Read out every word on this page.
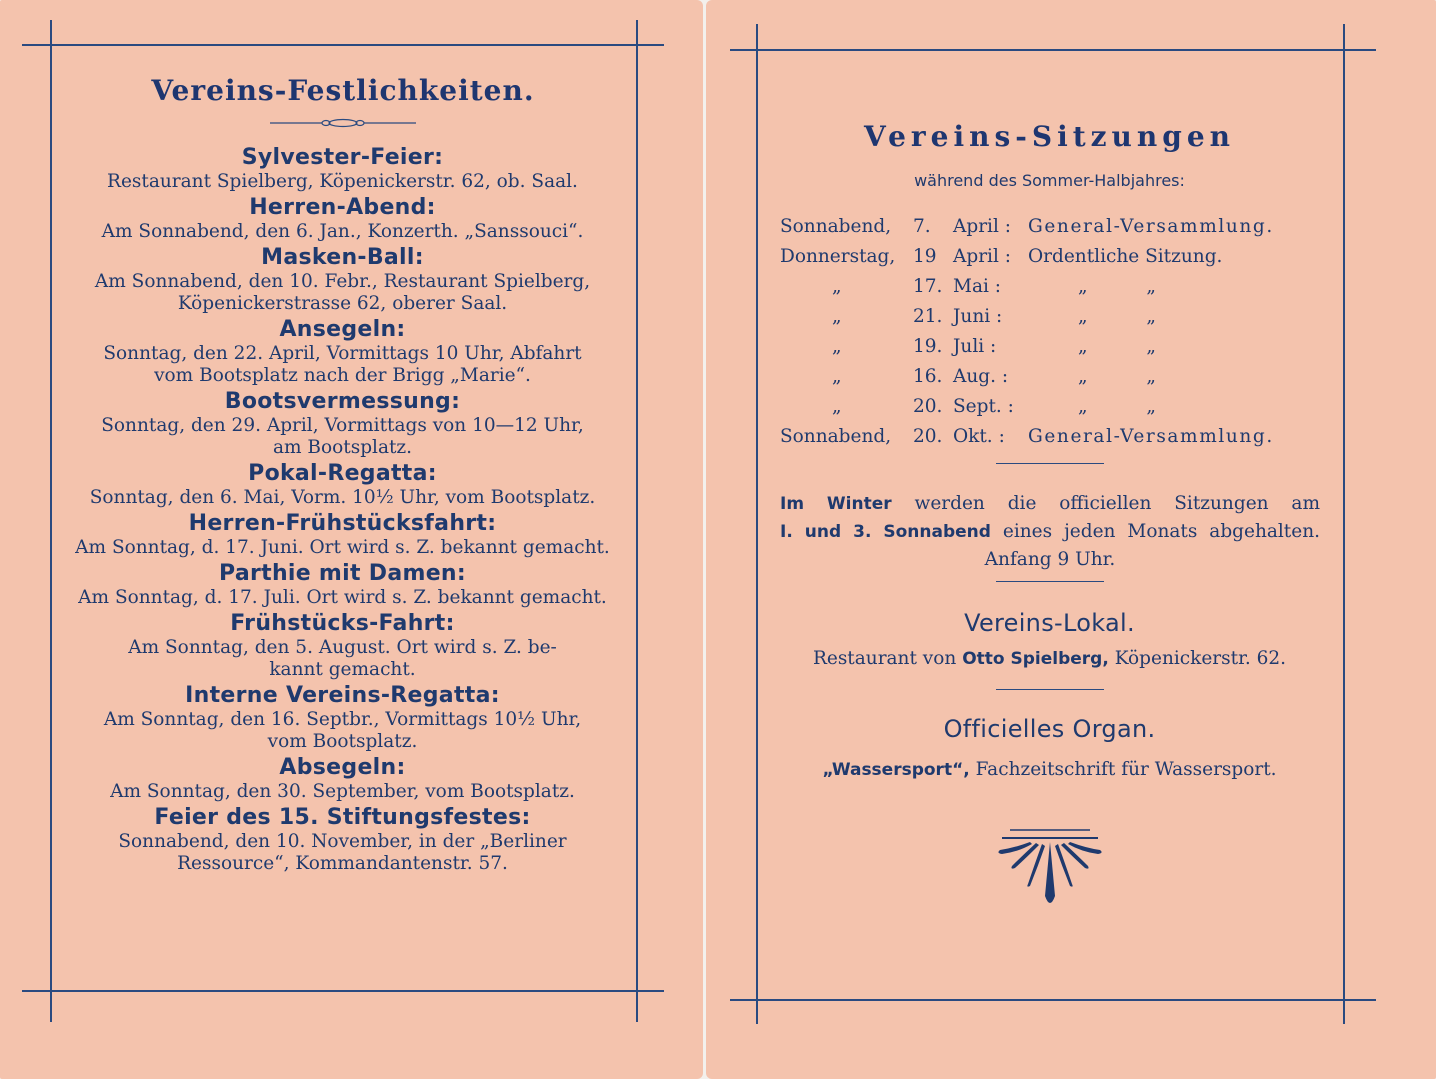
Vereins-Festlichkeiten.
Sylvester-Feier:
Restaurant Spielberg, Köpenickerstr. 62, ob. Saal.
Herren-Abend:
Am Sonnabend, den 6. Jan., Konzerth. „Sanssouci“.
Masken-Ball:
Am Sonnabend, den 10. Febr., Restaurant Spielberg,
Köpenickerstrasse 62, oberer Saal.
Ansegeln:
Sonntag, den 22. April, Vormittags 10 Uhr, Abfahrt
vom Bootsplatz nach der Brigg „Marie“.
Bootsvermessung:
Sonntag, den 29. April, Vormittags von 10—12 Uhr,
am Bootsplatz.
Pokal-Regatta:
Sonntag, den 6. Mai, Vorm. 10½ Uhr, vom Bootsplatz.
Herren-Frühstücksfahrt:
Am Sonntag, d. 17. Juni. Ort wird s. Z. bekannt gemacht.
Parthie mit Damen:
Am Sonntag, d. 17. Juli. Ort wird s. Z. bekannt gemacht.
Frühstücks-Fahrt:
Am Sonntag, den 5. August. Ort wird s. Z. be-
kannt gemacht.
Interne Vereins-Regatta:
Am Sonntag, den 16. Septbr., Vormittags 10½ Uhr,
vom Bootsplatz.
Absegeln:
Am Sonntag, den 30. September, vom Bootsplatz.
Feier des 15. Stiftungsfestes:
Sonnabend, den 10. November, in der „Berliner
Ressource“, Kommandantenstr. 57.
Vereins-Sitzungen
während des Sommer-Halbjahres:
Sonnabend, 7. April : General-Versammlung.
Donnerstag, 19 April : Ordentliche Sitzung.
„	17. Mai :	„          „
„	21. Juni :	„          „
„	19. Juli :	„          „
„	16. Aug. :	„          „
„	20. Sept. :	„          „
Sonnabend, 20. Okt. : General-Versammlung.
Im Winter werden die officiellen Sitzungen am
I. und 3. Sonnabend eines jeden Monats abgehalten.
Anfang 9 Uhr.
Vereins-Lokal.
Restaurant von Otto Spielberg, Köpenickerstr. 62.
Officielles Organ.
„Wassersport“, Fachzeitschrift für Wassersport.
